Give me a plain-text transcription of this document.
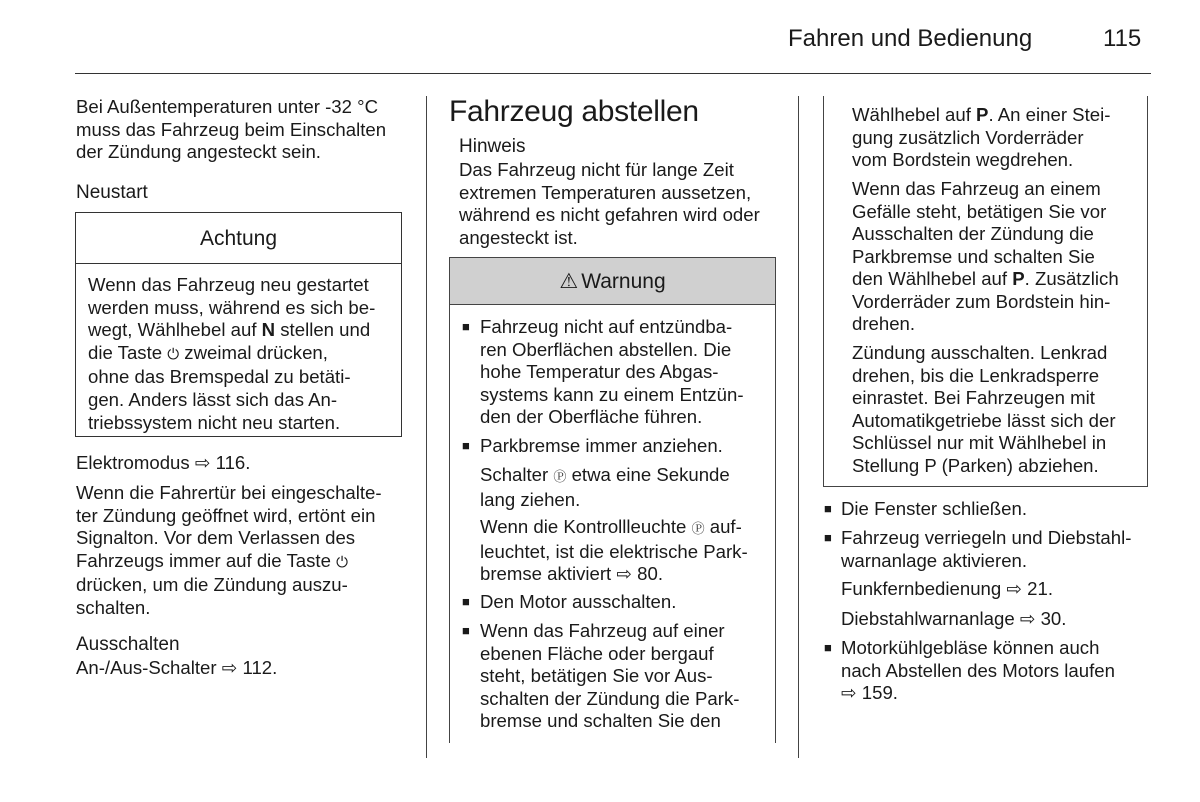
Fahren und Bedienung	115

Bei Außentemperaturen unter -32 °C

muss das Fahrzeug beim Einschalten

der Zündung angesteckt sein.

Neustart
Achtung

Wenn das Fahrzeug neu gestartet

werden muss, während es sich be-

wegt, Wählhebel auf N stellen und

die Taste ⏻ zweimal drücken,

ohne das Bremspedal zu betäti-

gen. Anders lässt sich das An-

triebssystem nicht neu starten.

Elektromodus ⇨ 116.

Wenn die Fahrertür bei eingeschalte-

ter Zündung geöffnet wird, ertönt ein

Signalton. Vor dem Verlassen des

Fahrzeugs immer auf die Taste ⏻

drücken, um die Zündung auszu-

schalten.

Ausschalten
An-/Aus-Schalter ⇨ 112.
Fahrzeug abstellen
Hinweis

Das Fahrzeug nicht für lange Zeit

extremen Temperaturen aussetzen,

während es nicht gefahren wird oder

angesteckt ist.

⚠ Warnung
■ Fahrzeug nicht auf entzündba-

ren Oberflächen abstellen. Die

hohe Temperatur des Abgas-

systems kann zu einem Entzün-

den der Oberfläche führen.

■ Parkbremse immer anziehen.

Schalter Ⓟ etwa eine Sekunde

lang ziehen.

Wenn die Kontrollleuchte Ⓟ auf-

leuchtet, ist die elektrische Park-

bremse aktiviert ⇨ 80.

■ Den Motor ausschalten.
■ Wenn das Fahrzeug auf einer

ebenen Fläche oder bergauf

steht, betätigen Sie vor Aus-

schalten der Zündung die Park-

bremse und schalten Sie den

Wählhebel auf P. An einer Stei-

gung zusätzlich Vorderräder

vom Bordstein wegdrehen.

Wenn das Fahrzeug an einem

Gefälle steht, betätigen Sie vor

Ausschalten der Zündung die

Parkbremse und schalten Sie

den Wählhebel auf P. Zusätzlich

Vorderräder zum Bordstein hin-

drehen.

Zündung ausschalten. Lenkrad

drehen, bis die Lenkradsperre

einrastet. Bei Fahrzeugen mit

Automatikgetriebe lässt sich der

Schlüssel nur mit Wählhebel in

Stellung P (Parken) abziehen.

■ Die Fenster schließen.
■ Fahrzeug verriegeln und Diebstahl-

warnanlage aktivieren.

Funkfernbedienung ⇨ 21.
Diebstahlwarnanlage ⇨ 30.
■ Motorkühlgebläse können auch

nach Abstellen des Motors laufen

⇨ 159.
